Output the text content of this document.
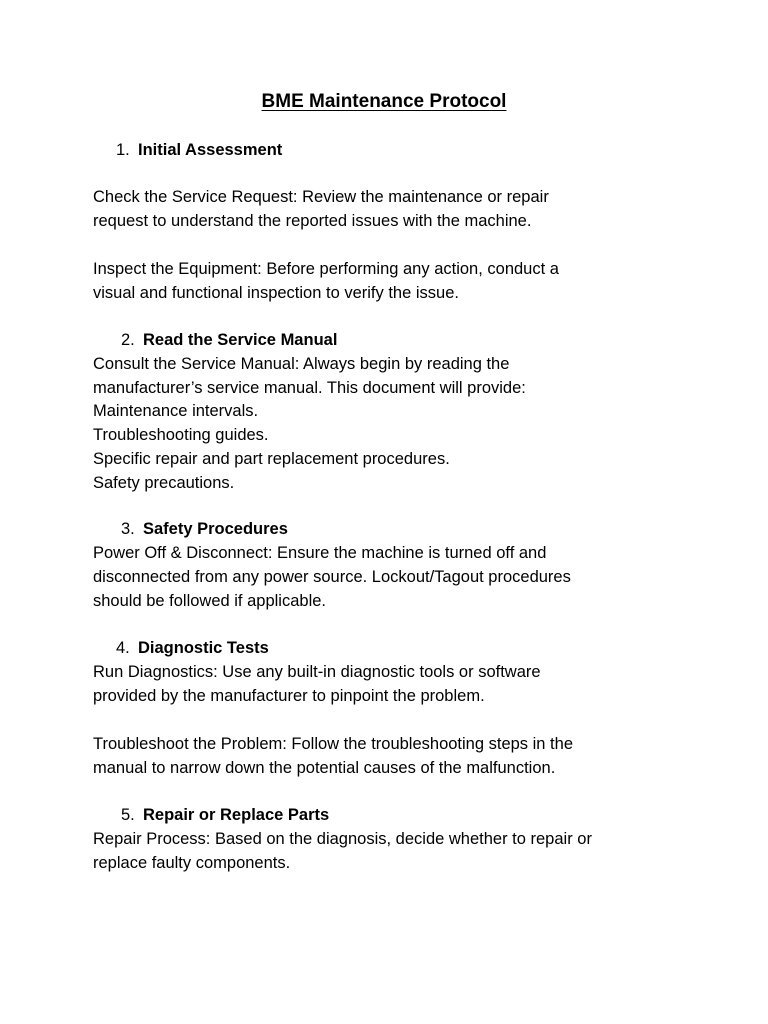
BME Maintenance Protocol
1. Initial Assessment
Check the Service Request: Review the maintenance or repair
request to understand the reported issues with the machine.
Inspect the Equipment: Before performing any action, conduct a
visual and functional inspection to verify the issue.
2. Read the Service Manual
Consult the Service Manual: Always begin by reading the
manufacturer’s service manual. This document will provide:
Maintenance intervals.
Troubleshooting guides.
Specific repair and part replacement procedures.
Safety precautions.
3. Safety Procedures
Power Off & Disconnect: Ensure the machine is turned off and
disconnected from any power source. Lockout/Tagout procedures
should be followed if applicable.
4. Diagnostic Tests
Run Diagnostics: Use any built-in diagnostic tools or software
provided by the manufacturer to pinpoint the problem.
Troubleshoot the Problem: Follow the troubleshooting steps in the
manual to narrow down the potential causes of the malfunction.
5. Repair or Replace Parts
Repair Process: Based on the diagnosis, decide whether to repair or
replace faulty components.
